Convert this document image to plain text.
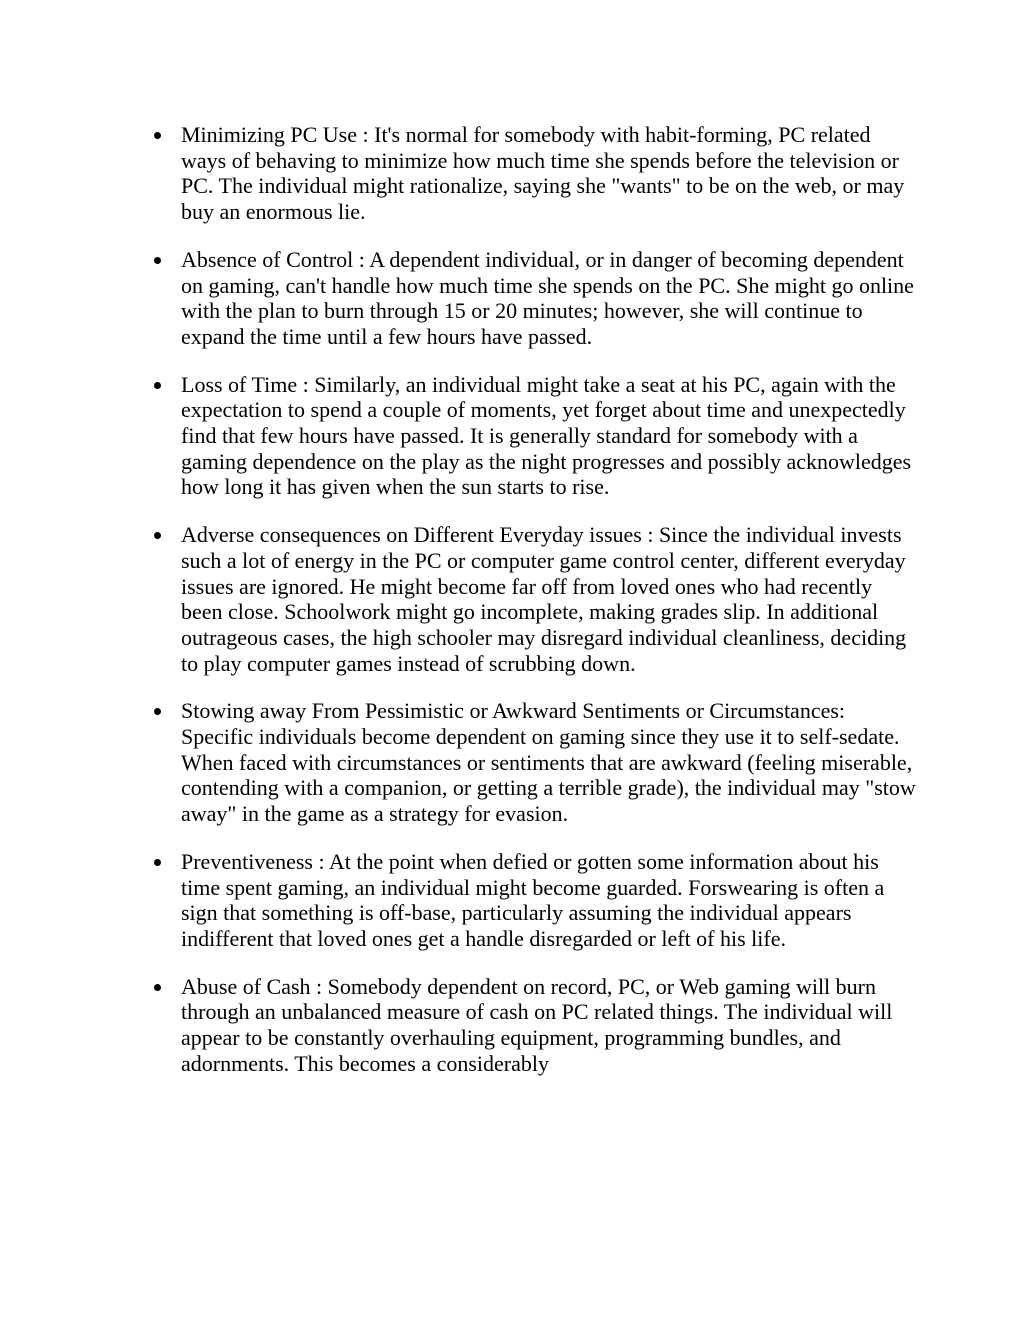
Minimizing PC Use : It's normal for somebody with habit-forming, PC related ways of behaving to minimize how much time she spends before the television or PC. The individual might rationalize, saying she "wants" to be on the web, or may buy an enormous lie.
Absence of Control : A dependent individual, or in danger of becoming dependent on gaming, can't handle how much time she spends on the PC. She might go online with the plan to burn through 15 or 20 minutes; however, she will continue to expand the time until a few hours have passed.
Loss of Time : Similarly, an individual might take a seat at his PC, again with the expectation to spend a couple of moments, yet forget about time and unexpectedly find that few hours have passed. It is generally standard for somebody with a gaming dependence on the play as the night progresses and possibly acknowledges how long it has given when the sun starts to rise.
Adverse consequences on Different Everyday issues : Since the individual invests such a lot of energy in the PC or computer game control center, different everyday issues are ignored. He might become far off from loved ones who had recently been close. Schoolwork might go incomplete, making grades slip. In additional outrageous cases, the high schooler may disregard individual cleanliness, deciding to play computer games instead of scrubbing down.
Stowing away From Pessimistic or Awkward Sentiments or Circumstances: Specific individuals become dependent on gaming since they use it to self-sedate. When faced with circumstances or sentiments that are awkward (feeling miserable, contending with a companion, or getting a terrible grade), the individual may "stow away" in the game as a strategy for evasion.
Preventiveness : At the point when defied or gotten some information about his time spent gaming, an individual might become guarded. Forswearing is often a sign that something is off-base, particularly assuming the individual appears indifferent that loved ones get a handle disregarded or left of his life.
Abuse of Cash : Somebody dependent on record, PC, or Web gaming will burn through an unbalanced measure of cash on PC related things. The individual will appear to be constantly overhauling equipment, programming bundles, and adornments. This becomes a considerably
